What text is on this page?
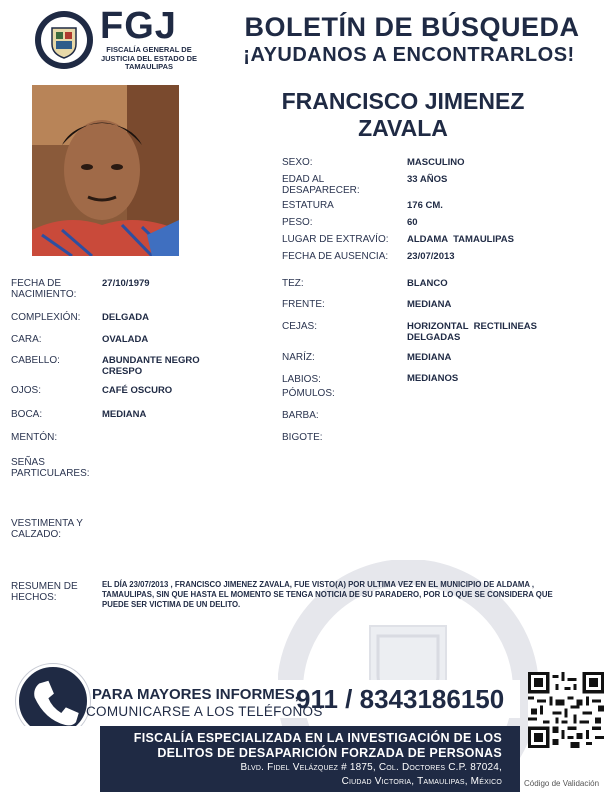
FGJ
FISCALÍA GENERAL DE JUSTICIA DEL ESTADO DE TAMAULIPAS
BOLETÍN DE BÚSQUEDA
¡AYUDANOS A ENCONTRARLOS!
FRANCISCO JIMENEZ ZAVALA
SEXO:	MASCULINO
EDAD AL DESAPARECER:
33 AÑOS
ESTATURA	176 CM.
PESO:	60
LUGAR DE EXTRAVÍO: ALDAMA  TAMAULIPAS
FECHA DE AUSENCIA: 23/07/2013
FECHA DE NACIMIENTO:
27/10/1979
COMPLEXIÓN: DELGADA
CARA:	OVALADA
CABELLO:	ABUNDANTE NEGRO CRESPO
OJOS:	CAFÉ OSCURO
BOCA:	MEDIANA
MENTÓN:
SEÑAS PARTICULARES:
VESTIMENTA Y CALZADO:
TEZ:	BLANCO
FRENTE:	MEDIANA
CEJAS:	HORIZONTAL  RECTILINEAS DELGADAS
NARÍZ:	MEDIANA
LABIOS:	MEDIANOS
PÓMULOS:
BARBA:
BIGOTE:
RESUMEN DE HECHOS:
EL DÍA 23/07/2013 , FRANCISCO JIMENEZ ZAVALA, FUE VISTO(A) POR ULTIMA VEZ EN EL MUNICIPIO DE ALDAMA , TAMAULIPAS, SIN QUE HASTA EL MOMENTO SE TENGA NOTICIA DE SU PARADERO, POR LO QUE SE CONSIDERA QUE PUEDE SER VICTIMA DE UN DELITO.
PARA MAYORES INFORMES,
COMUNICARSE A LOS TELÉFONOS
911 / 8343186150
FISCALÍA ESPECIALIZADA EN LA INVESTIGACIÓN DE LOS
DELITOS DE DESAPARICIÓN FORZADA DE PERSONAS
Blvd. Fidel Velázquez # 1875, Col. Doctores C.P. 87024,
Ciudad Victoria, Tamaulipas, México	Código de Validación
